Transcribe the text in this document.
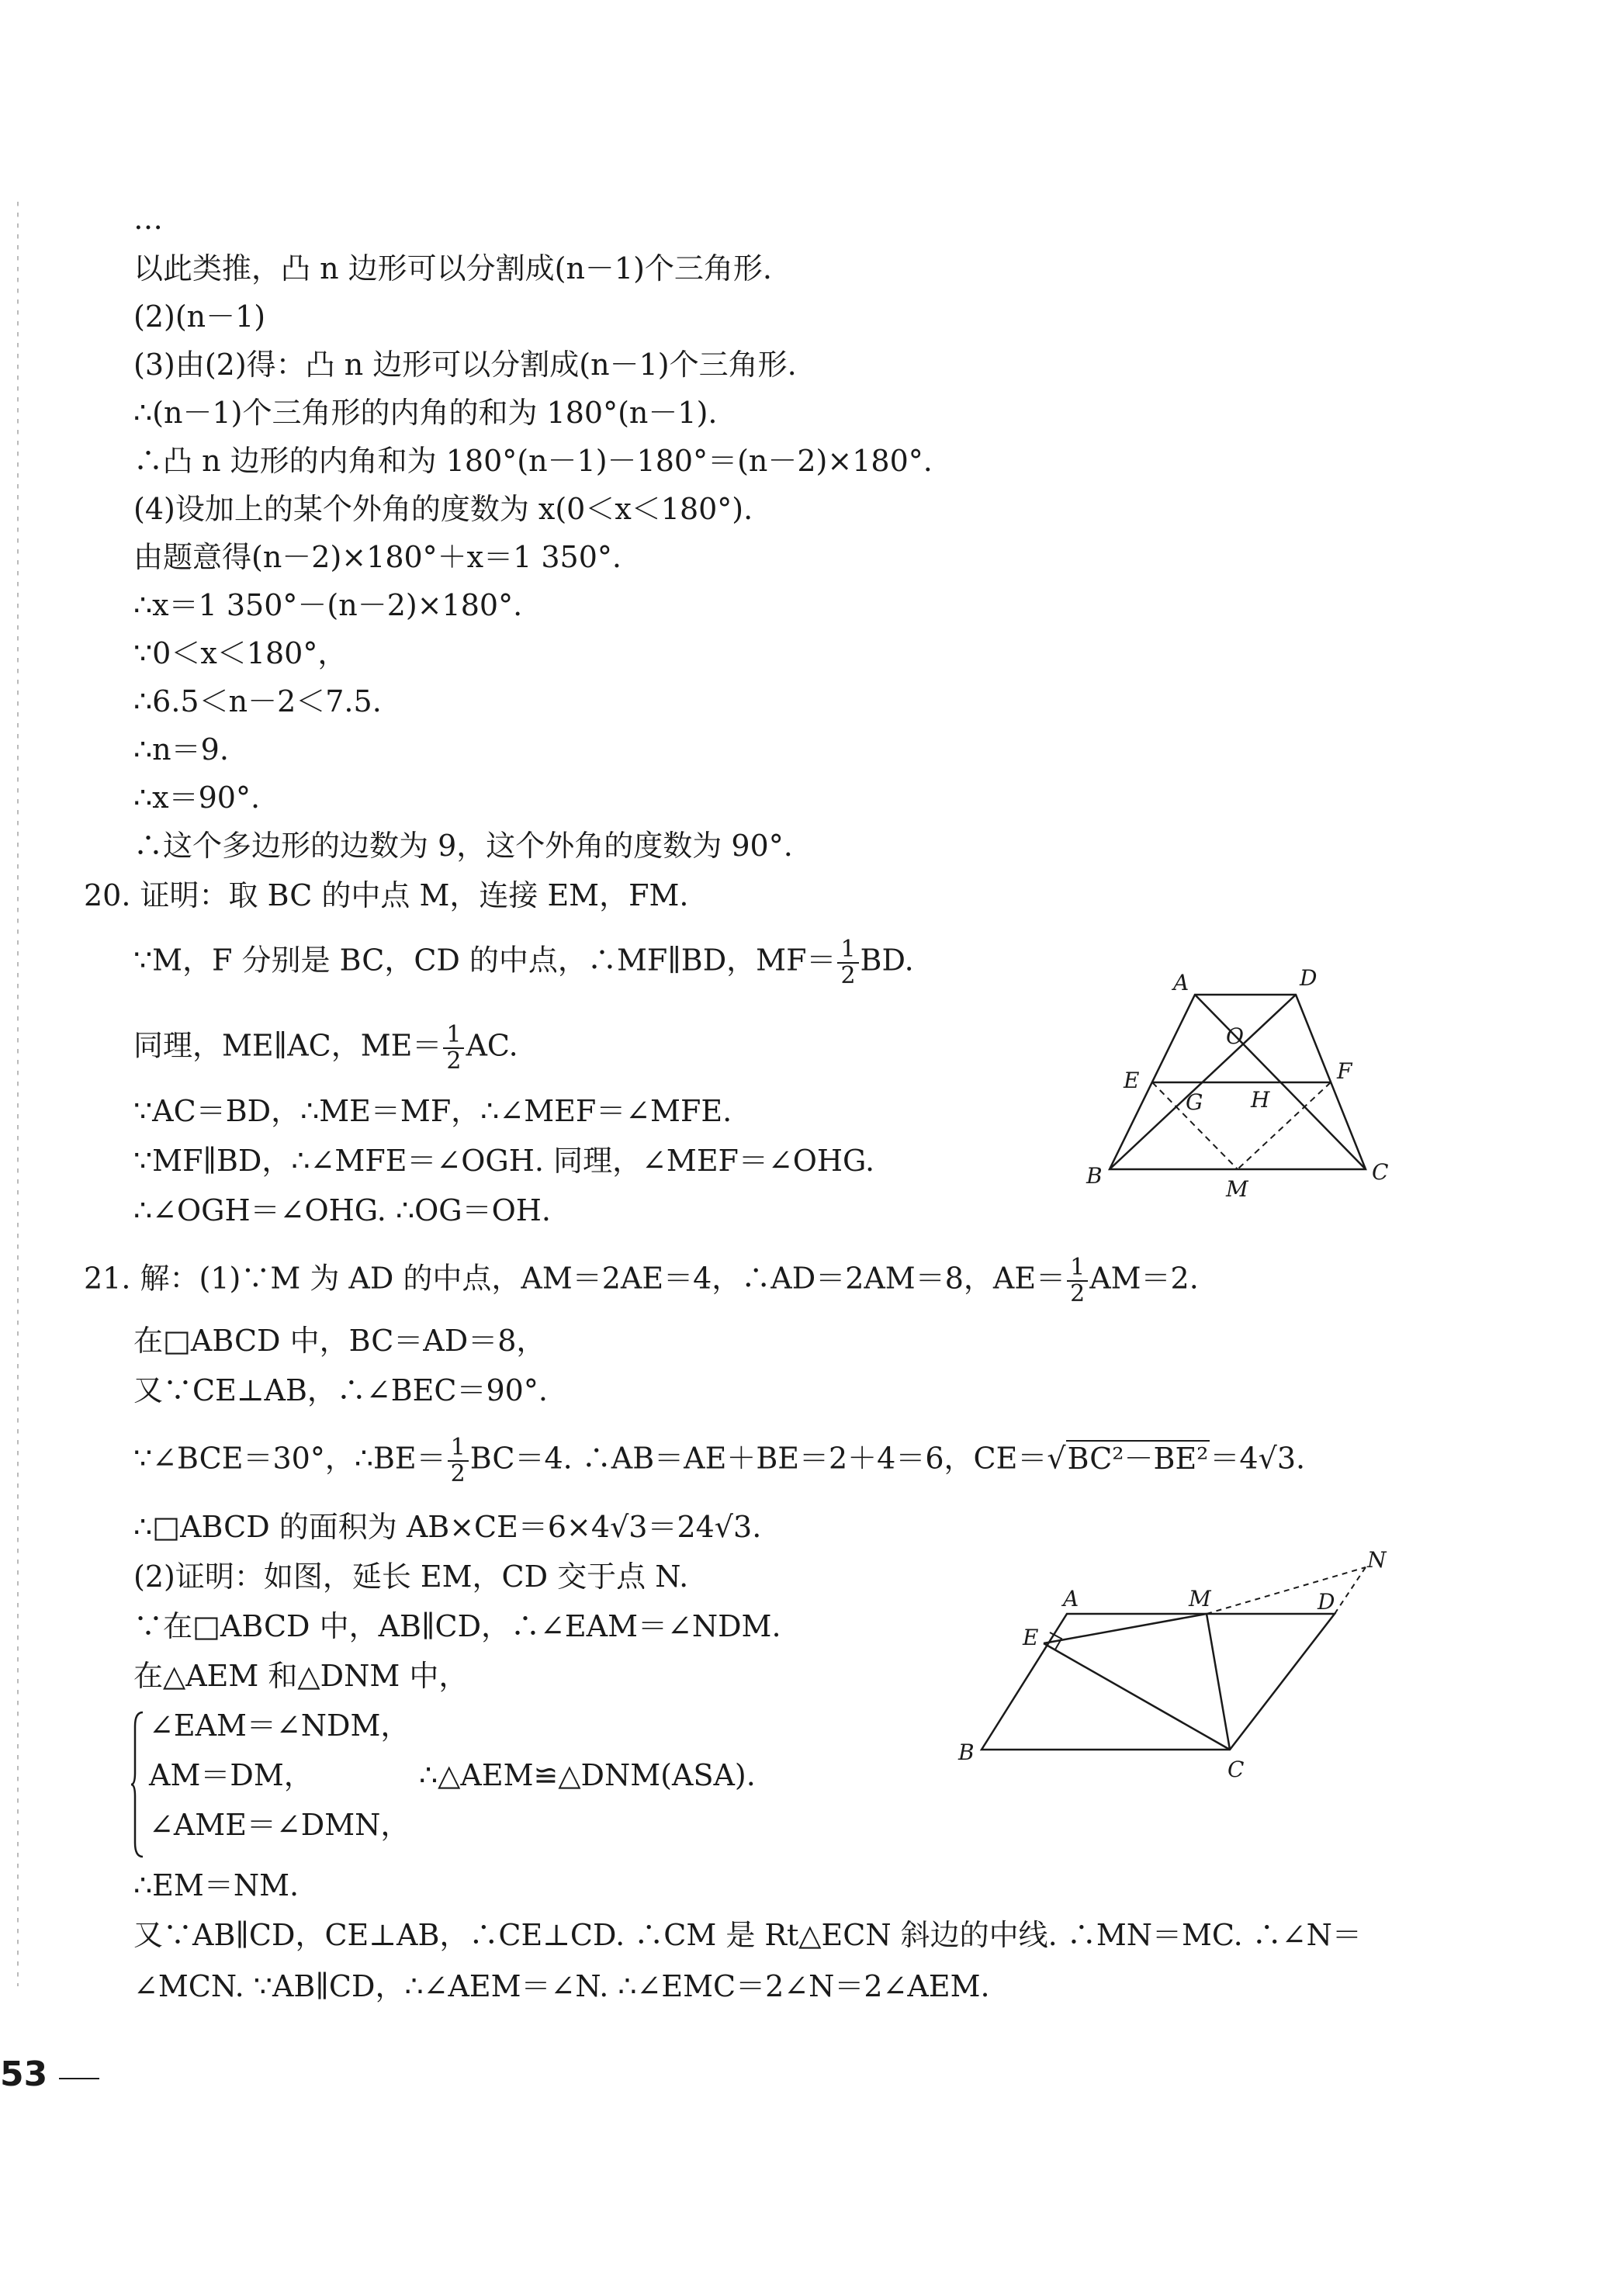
…
以此类推，凸 n 边形可以分割成(n－1)个三角形.
(2)(n－1)
(3)由(2)得：凸 n 边形可以分割成(n－1)个三角形.
∴(n－1)个三角形的内角的和为 180°(n－1).
∴凸 n 边形的内角和为 180°(n－1)－180°＝(n－2)×180°.
(4)设加上的某个外角的度数为 x(0＜x＜180°).
由题意得(n－2)×180°＋x＝1 350°.
∴x＝1 350°－(n－2)×180°.
∵0＜x＜180°，
∴6.5＜n－2＜7.5.
∴n＝9.
∴x＝90°.
∴这个多边形的边数为 9，这个外角的度数为 90°.
20. 证明：取 BC 的中点 M，连接 EM，FM.
∵M，F 分别是 BC，CD 的中点，∴MF∥BD，$MF= \frac{1}{2}$ BD.
同理，ME∥AC，$ME= \frac{1}{2}$ AC.
∵AC＝BD，∴ME＝MF，∴∠MEF＝∠MFE.
∵MF∥BD，∴∠MFE＝∠OGH. 同理，∠MEF＝∠OHG.
∴∠OGH＝∠OHG. ∴OG＝OH.
21. 解：(1)∵M 为 AD 的中点，AM＝2AE＝4，∴AD＝2AM＝8，$AE= \frac{1}{2} AM=2$.
在□ABCD 中，BC＝AD＝8，
又∵CE⊥AB，∴∠BEC＝90°.
∵∠BCE＝30°，∴BE＝ $\frac{1}{2} BC=4$. ∴AB＝AE＋BE＝2＋4＝6，CE＝√BC²－BE²＝4√3.
∴□ABCD 的面积为 AB×CE＝6×4√3＝24√3.
(2)证明：如图，延长 EM，CD 交于点 N.
∵在□ABCD 中，AB∥CD，∴∠EAM＝∠NDM.
在△AEM 和△DNM 中，
∠EAM＝∠NDM，
AM＝DM，	∴△AEM≌△DNM(ASA).
∠AME＝∠DMN，
∴EM＝NM.
又∵AB∥CD，CE⊥AB，∴CE⊥CD. ∴CM 是 Rt△ECN 斜边的中线. ∴MN＝MC. ∴∠N＝
∠MCN. ∵AB∥CD，∴∠AEM＝∠N. ∴∠EMC＝2∠N＝2∠AEM.
A	D
B	C
E	F
G H
M
O
A	M	D
N
E
B
C
53
